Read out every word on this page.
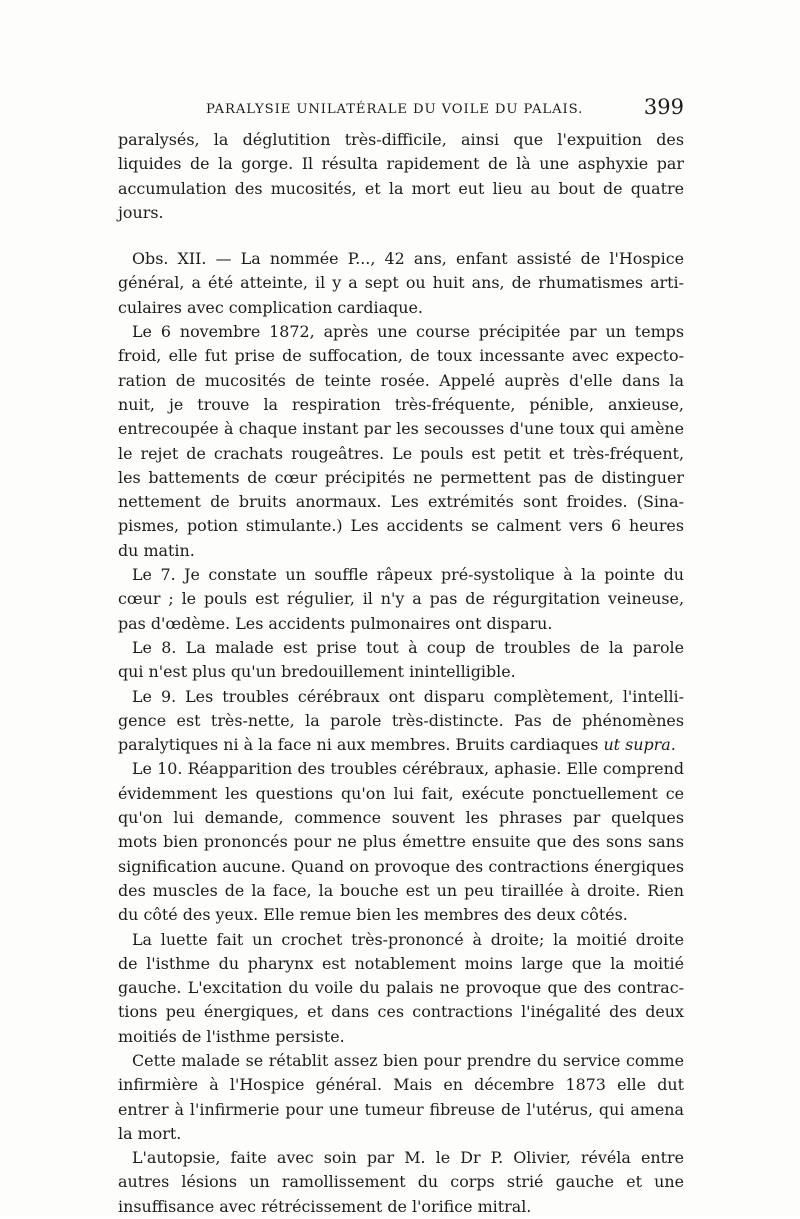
PARALYSIE UNILATÉRALE DU VOILE DU PALAIS.	399
paralysés, la déglutition très-difficile, ainsi que l'expuition des
liquides de la gorge. Il résulta rapidement de là une asphyxie par
accumulation des mucosités, et la mort eut lieu au bout de quatre
jours.
Obs. XII. — La nommée P..., 42 ans, enfant assisté de l'Hospice
général, a été atteinte, il y a sept ou huit ans, de rhumatismes arti-
culaires avec complication cardiaque.
Le 6 novembre 1872, après une course précipitée par un temps
froid, elle fut prise de suffocation, de toux incessante avec expecto-
ration de mucosités de teinte rosée. Appelé auprès d'elle dans la
nuit, je trouve la respiration très-fréquente, pénible, anxieuse,
entrecoupée à chaque instant par les secousses d'une toux qui amène
le rejet de crachats rougeâtres. Le pouls est petit et très-fréquent,
les battements de cœur précipités ne permettent pas de distinguer
nettement de bruits anormaux. Les extrémités sont froides. (Sina-
pismes, potion stimulante.) Les accidents se calment vers 6 heures
du matin.
Le 7. Je constate un souffle râpeux pré-systolique à la pointe du
cœur ; le pouls est régulier, il n'y a pas de régurgitation veineuse,
pas d'œdème. Les accidents pulmonaires ont disparu.
Le 8. La malade est prise tout à coup de troubles de la parole
qui n'est plus qu'un bredouillement inintelligible.
Le 9. Les troubles cérébraux ont disparu complètement, l'intelli-
gence est très-nette, la parole très-distincte. Pas de phénomènes
paralytiques ni à la face ni aux membres. Bruits cardiaques ut supra.
Le 10. Réapparition des troubles cérébraux, aphasie. Elle comprend
évidemment les questions qu'on lui fait, exécute ponctuellement ce
qu'on lui demande, commence souvent les phrases par quelques
mots bien prononcés pour ne plus émettre ensuite que des sons sans
signification aucune. Quand on provoque des contractions énergiques
des muscles de la face, la bouche est un peu tiraillée à droite. Rien
du côté des yeux. Elle remue bien les membres des deux côtés.
La luette fait un crochet très-prononcé à droite; la moitié droite
de l'isthme du pharynx est notablement moins large que la moitié
gauche. L'excitation du voile du palais ne provoque que des contrac-
tions peu énergiques, et dans ces contractions l'inégalité des deux
moitiés de l'isthme persiste.
Cette malade se rétablit assez bien pour prendre du service comme
infirmière à l'Hospice général. Mais en décembre 1873 elle dut
entrer à l'infirmerie pour une tumeur fibreuse de l'utérus, qui amena
la mort.
L'autopsie, faite avec soin par M. le Dr P. Olivier, révéla entre
autres lésions un ramollissement du corps strié gauche et une
insuffisance avec rétrécissement de l'orifice mitral.
